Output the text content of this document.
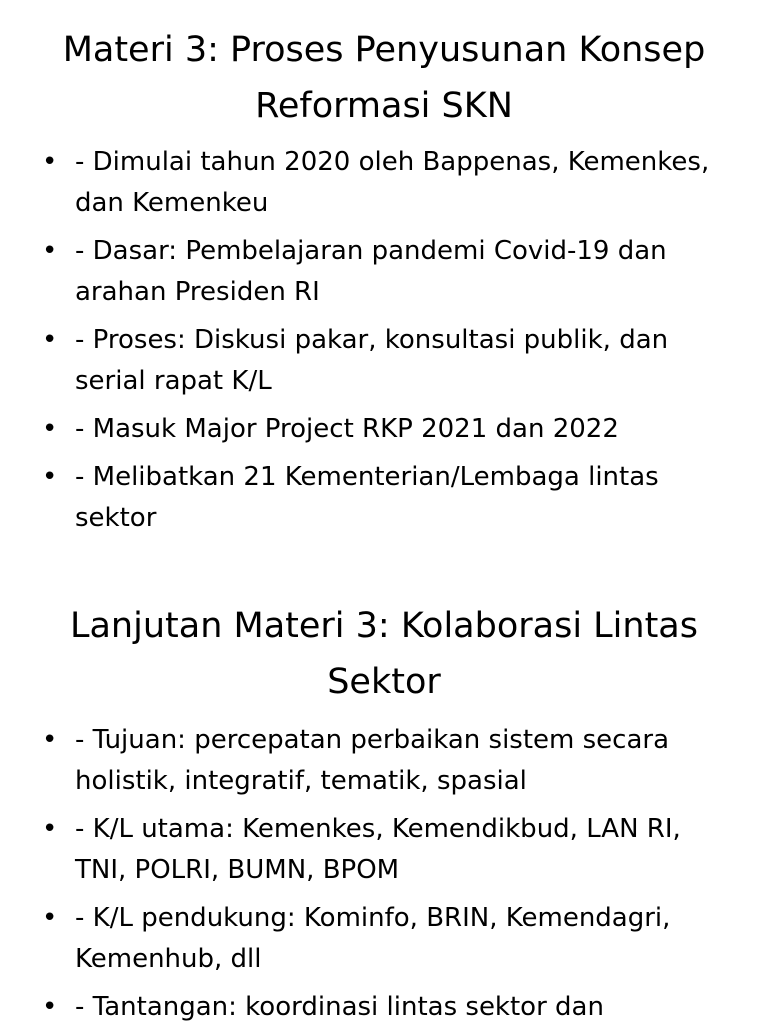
Materi 3: Proses Penyusunan Konsep Reformasi SKN
• - Dimulai tahun 2020 oleh Bappenas, Kemenkes, dan Kemenkeu
• - Dasar: Pembelajaran pandemi Covid-19 dan arahan Presiden RI
• - Proses: Diskusi pakar, konsultasi publik, dan serial rapat K/L
• - Masuk Major Project RKP 2021 dan 2022
• - Melibatkan 21 Kementerian/Lembaga lintas sektor
Lanjutan Materi 3: Kolaborasi Lintas Sektor
• - Tujuan: percepatan perbaikan sistem secara holistik, integratif, tematik, spasial
• - K/L utama: Kemenkes, Kemendikbud, LAN RI, TNI, POLRI, BUMN, BPOM
• - K/L pendukung: Kominfo, BRIN, Kemendagri, Kemenhub, dll
• - Tantangan: koordinasi lintas sektor dan
